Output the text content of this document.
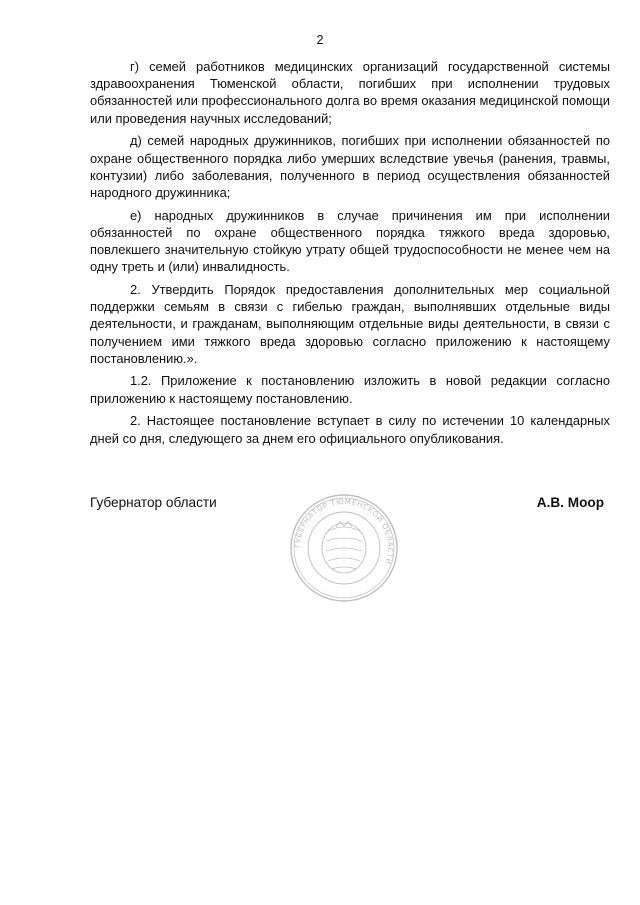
2

г) семей работников медицинских организаций государственной системы здравоохранения Тюменской области, погибших при исполнении трудовых обязанностей или профессионального долга во время оказания медицинской помощи или проведения научных исследований;

д) семей народных дружинников, погибших при исполнении обязанностей по охране общественного порядка либо умерших вследствие увечья (ранения, травмы, контузии) либо заболевания, полученного в период осуществления обязанностей народного дружинника;

е) народных дружинников в случае причинения им при исполнении обязанностей по охране общественного порядка тяжкого вреда здоровью, повлекшего значительную стойкую утрату общей трудоспособности не менее чем на одну треть и (или) инвалидность.

2. Утвердить Порядок предоставления дополнительных мер социальной поддержки семьям в связи с гибелью граждан, выполнявших отдельные виды деятельности, и гражданам, выполняющим отдельные виды деятельности, в связи с получением ими тяжкого вреда здоровью согласно приложению к настоящему постановлению.».

1.2. Приложение к постановлению изложить в новой редакции согласно приложению к настоящему постановлению.

2. Настоящее постановление вступает в силу по истечении 10 календарных дней со дня, следующего за днем его официального опубликования.

Губернатор области	А.В. Моор
ГУБЕРНАТОР ТЮМЕНСКОЙ ОБЛАСТИ
